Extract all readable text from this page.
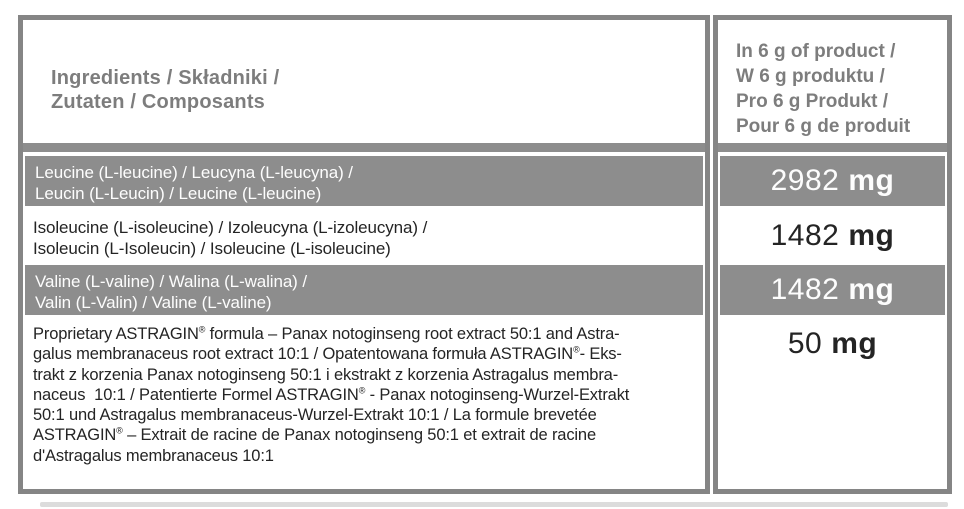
Ingredients / Składniki /
Zutaten / Composants
Leucine (L-leucine) / Leucyna (L-leucyna) /
Leucin (L-Leucin) / Leucine (L-leucine)
Isoleucine (L-isoleucine) / Izoleucyna (L-izoleucyna) /
Isoleucin (L-Isoleucin) / Isoleucine (L-isoleucine)
Valine (L-valine) / Walina (L-walina) /
Valin (L-Valin) / Valine (L-valine)
Proprietary ASTRAGIN® formula – Panax notoginseng root extract 50:1 and Astra-
galus membranaceus root extract 10:1 / Opatentowana formuła ASTRAGIN®- Eks-
trakt z korzenia Panax notoginseng 50:1 i ekstrakt z korzenia Astragalus membra-
naceus  10:1 / Patentierte Formel ASTRAGIN® - Panax notoginseng-Wurzel-Extrakt
50:1 und Astragalus membranaceus-Wurzel-Extrakt 10:1 / La formule brevetée
ASTRAGIN® – Extrait de racine de Panax notoginseng 50:1 et extrait de racine
d'Astragalus membranaceus 10:1
In 6 g of product /
W 6 g produktu /
Pro 6 g Produkt /
Pour 6 g de produit
2982 mg
1482 mg
1482 mg
50 mg
